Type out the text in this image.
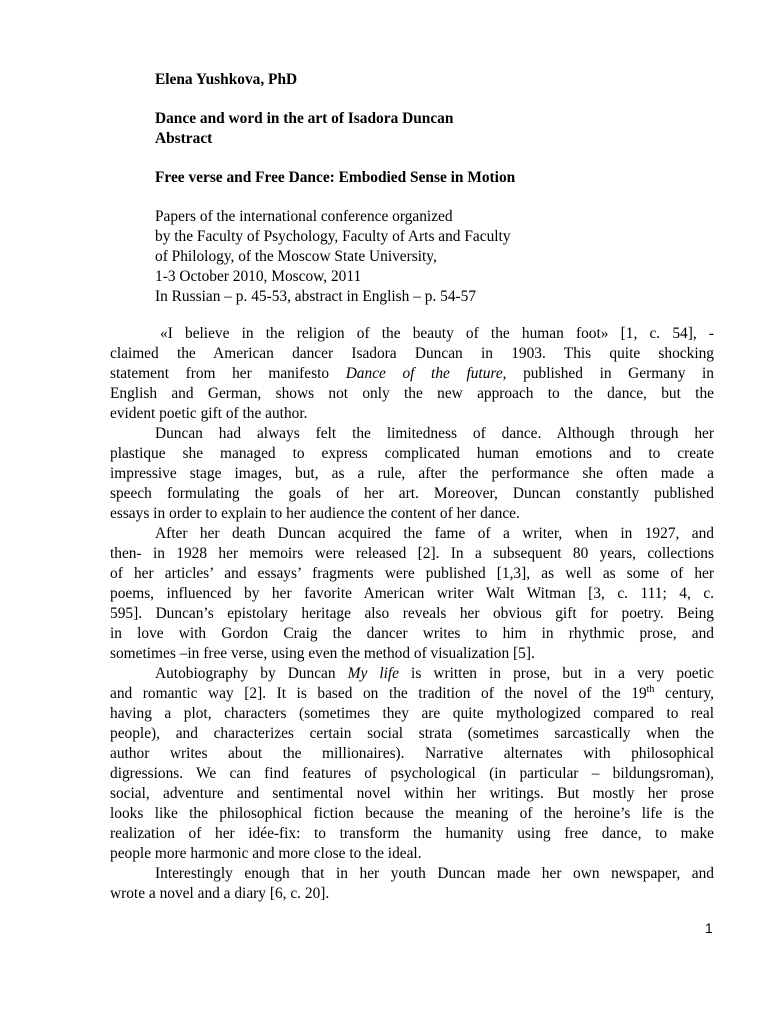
Elena Yushkova, PhD
Dance and word in the art of Isadora Duncan
Abstract
Free verse and Free Dance: Embodied Sense in Motion
Papers of the international conference organized
by the Faculty of Psychology, Faculty of Arts and Faculty
of Philology, of the Moscow State University,
1-3 October 2010, Moscow, 2011
In Russian – p. 45-53, abstract in English – p. 54-57
«I believe in the religion of the beauty of the human foot» [1, c. 54], -
claimed the American dancer Isadora Duncan in 1903. This quite shocking
statement from her manifesto Dance of the future, published in Germany in
English and German, shows not only the new approach to the dance, but the
evident poetic gift of the author.
Duncan had always felt the limitedness of dance. Although through her
plastique she managed to express complicated human emotions and to create
impressive stage images, but, as a rule, after the performance she often made a
speech formulating the goals of her art. Moreover, Duncan constantly published
essays in order to explain to her audience the content of her dance.
After her death Duncan acquired the fame of a writer, when in 1927, and
then- in 1928 her memoirs were released [2]. In a subsequent 80 years, collections
of her articles’ and essays’ fragments were published [1,3], as well as some of her
poems, influenced by her favorite American writer Walt Witman [3, c. 111; 4, c.
595]. Duncan’s epistolary heritage also reveals her obvious gift for poetry. Being
in love with Gordon Craig the dancer writes to him in rhythmic prose, and
sometimes –in free verse, using even the method of visualization [5].
Autobiography by Duncan My life is written in prose, but in a very poetic
and romantic way [2]. It is based on the tradition of the novel of the 19th century,
having a plot, characters (sometimes they are quite mythologized compared to real
people), and characterizes certain social strata (sometimes sarcastically when the
author writes about the millionaires). Narrative alternates with philosophical
digressions. We can find features of psychological (in particular – bildungsroman),
social, adventure and sentimental novel within her writings. But mostly her prose
looks like the philosophical fiction because the meaning of the heroine’s life is the
realization of her idée-fix: to transform the humanity using free dance, to make
people more harmonic and more close to the ideal.
Interestingly enough that in her youth Duncan made her own newspaper, and
wrote a novel and a diary [6, c. 20].
1
